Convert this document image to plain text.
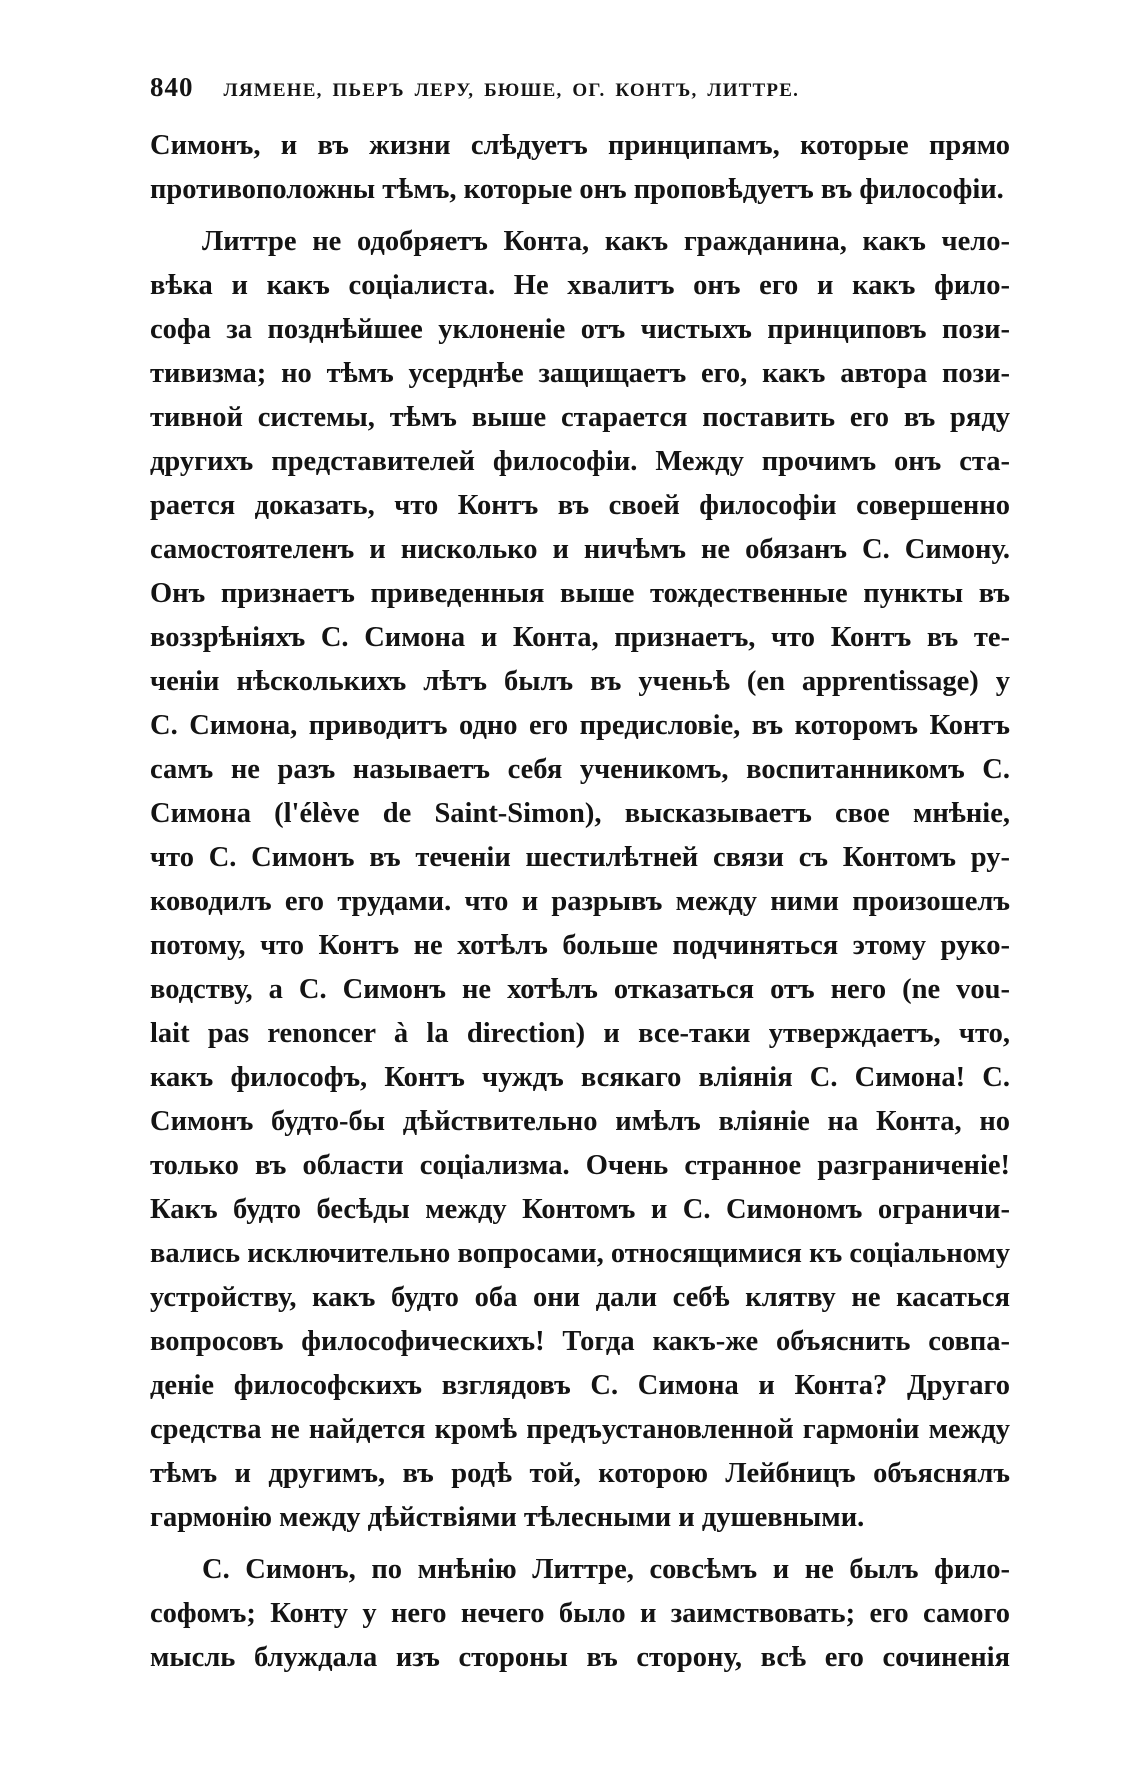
840 ЛЯМЕНЕ, ПЬЕРЪ ЛЕРУ, БЮШЕ, ОГ. КОНТЪ, ЛИТТРЕ.
Симонъ, и въ жизни слѣдуетъ принципамъ, которые прямо
противоположны тѣмъ, которые онъ проповѣдуетъ въ философіи.
Литтре не одобряетъ Конта, какъ гражданина, какъ чело-
вѣка и какъ соціалиста. Не хвалитъ онъ его и какъ фило-
софа за позднѣйшее уклоненіе отъ чистыхъ принциповъ пози-
тивизма; но тѣмъ усерднѣе защищаетъ его, какъ автора пози-
тивной системы, тѣмъ выше старается поставить его въ ряду
другихъ представителей философіи. Между прочимъ онъ ста-
рается доказать, что Контъ въ своей философіи совершенно
самостоятеленъ и нисколько и ничѣмъ не обязанъ С. Симону.
Онъ признаетъ приведенныя выше тождественные пункты въ
воззрѣніяхъ С. Симона и Конта, признаетъ, что Контъ въ те-
ченіи нѣсколькихъ лѣтъ былъ въ ученьѣ (en apprentissage) у
С. Симона, приводитъ одно его предисловіе, въ которомъ Контъ
самъ не разъ называетъ себя ученикомъ, воспитанникомъ С.
Симона (l'élève de Saint-Simon), высказываетъ свое мнѣніе,
что С. Симонъ въ теченіи шестилѣтней связи съ Контомъ ру-
ководилъ его трудами. что и разрывъ между ними произошелъ
потому, что Контъ не хотѣлъ больше подчиняться этому руко-
водству, а С. Симонъ не хотѣлъ отказаться отъ него (ne vou-
lait pas renoncer à la direction) и все-таки утверждаетъ, что,
какъ философъ, Контъ чуждъ всякаго вліянія С. Симона! С.
Симонъ будто-бы дѣйствительно имѣлъ вліяніе на Конта, но
только въ области соціализма. Очень странное разграниченіе!
Какъ будто бесѣды между Контомъ и С. Симономъ ограничи-
вались исключительно вопросами, относящимися къ соціальному
устройству, какъ будто оба они дали себѣ клятву не касаться
вопросовъ философическихъ! Тогда какъ-же объяснить совпа-
деніе философскихъ взглядовъ С. Симона и Конта? Другаго
средства не найдется кромѣ предъустановленной гармоніи между
тѣмъ и другимъ, въ родѣ той, которою Лейбницъ объяснялъ
гармонію между дѣйствіями тѣлесными и душевными.
С. Симонъ, по мнѣнію Литтре, совсѣмъ и не былъ фило-
софомъ; Конту у него нечего было и заимствовать; его самого
мысль блуждала изъ стороны въ сторону, всѣ его сочиненія
